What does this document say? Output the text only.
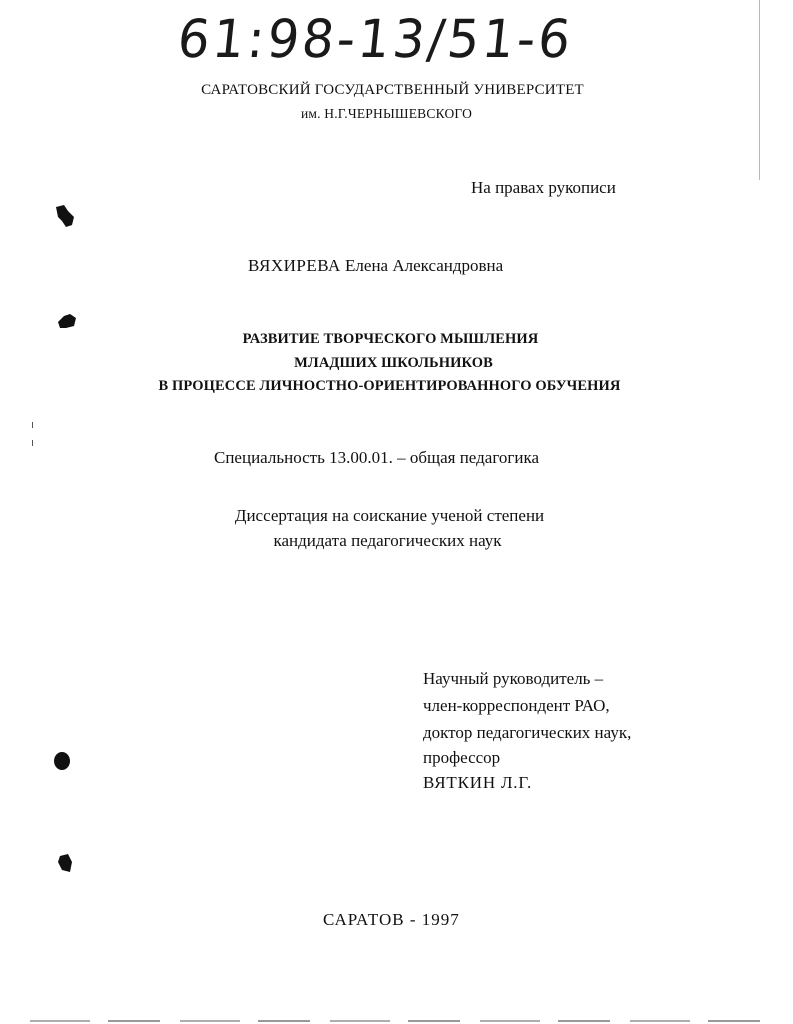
61:98-13/51-6
САРАТОВСКИЙ ГОСУДАРСТВЕННЫЙ УНИВЕРСИТЕТ
им. Н.Г.ЧЕРНЫШЕВСКОГО
На правах рукописи
ВЯХИРЕВА Елена Александровна
РАЗВИТИЕ ТВОРЧЕСКОГО МЫШЛЕНИЯ
МЛАДШИХ ШКОЛЬНИКОВ
В ПРОЦЕССЕ ЛИЧНОСТНО-ОРИЕНТИРОВАННОГО ОБУЧЕНИЯ
Специальность 13.00.01. – общая педагогика
Диссертация на соискание ученой степени
кандидата педагогических наук
Научный руководитель –
член-корреспондент РАО,
доктор педагогических наук,
профессор
ВЯТКИН Л.Г.
САРАТОВ - 1997
